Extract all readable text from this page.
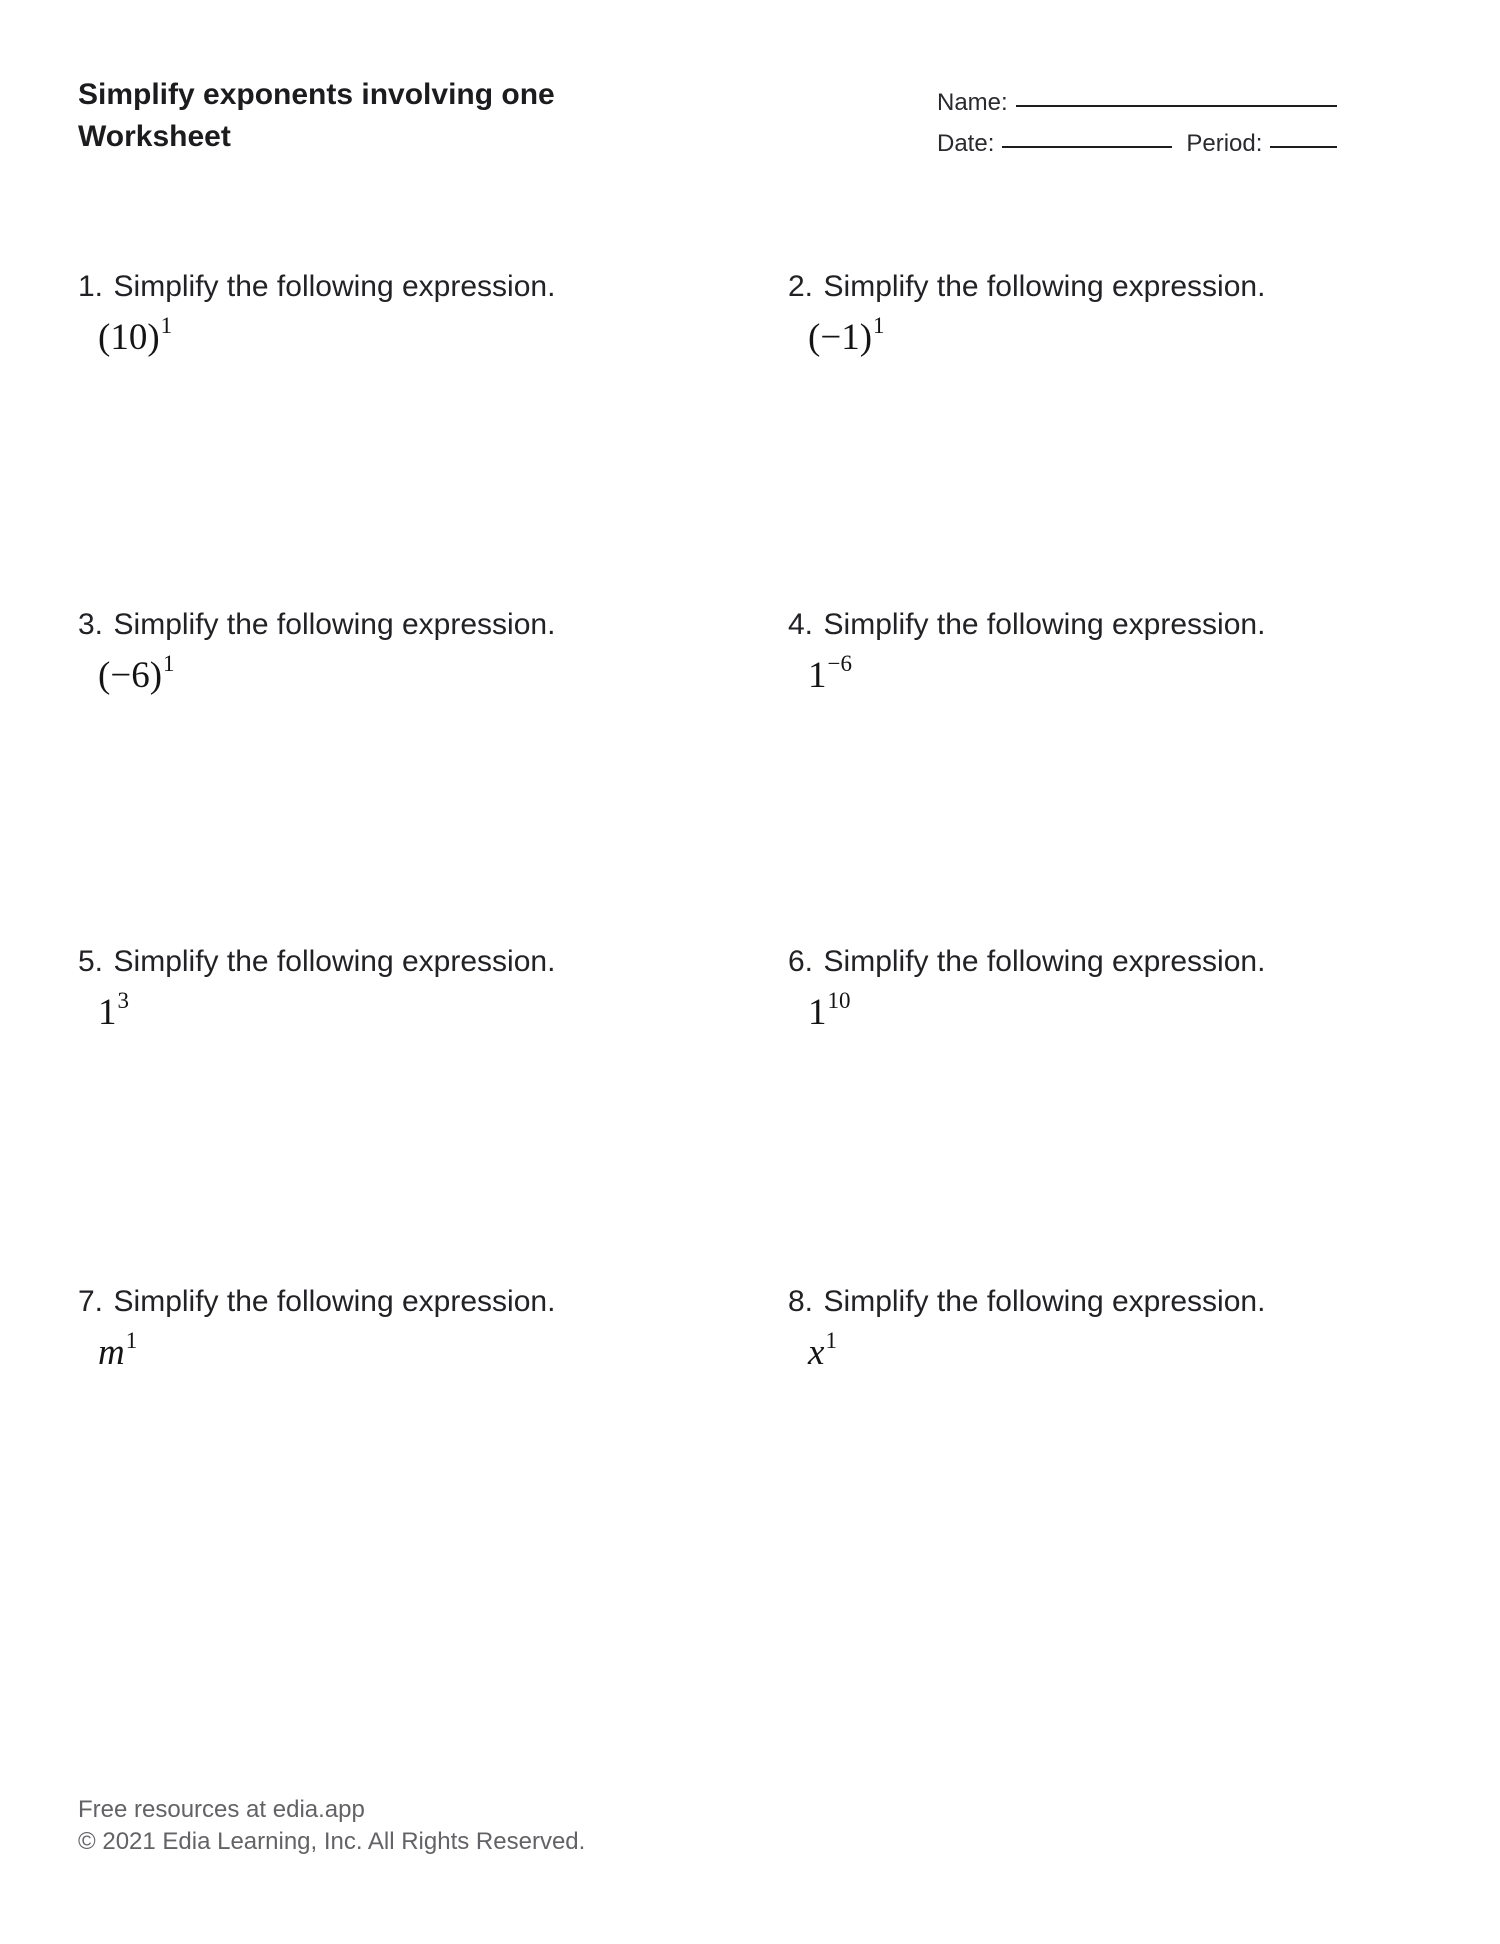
Simplify exponents involving one
Worksheet
Name:
Date:	Period:
1. Simplify the following expression.
$(10)^1$
2. Simplify the following expression.
$(-1)^1$
3. Simplify the following expression.
$(-6)^1$
4. Simplify the following expression.
$1^{-6}$
5. Simplify the following expression.
$1^3$
6. Simplify the following expression.
$1^{10}$
7. Simplify the following expression.
$m^1$
8. Simplify the following expression.
$x^1$
Free resources at edia.app
© 2021 Edia Learning, Inc. All Rights Reserved.
